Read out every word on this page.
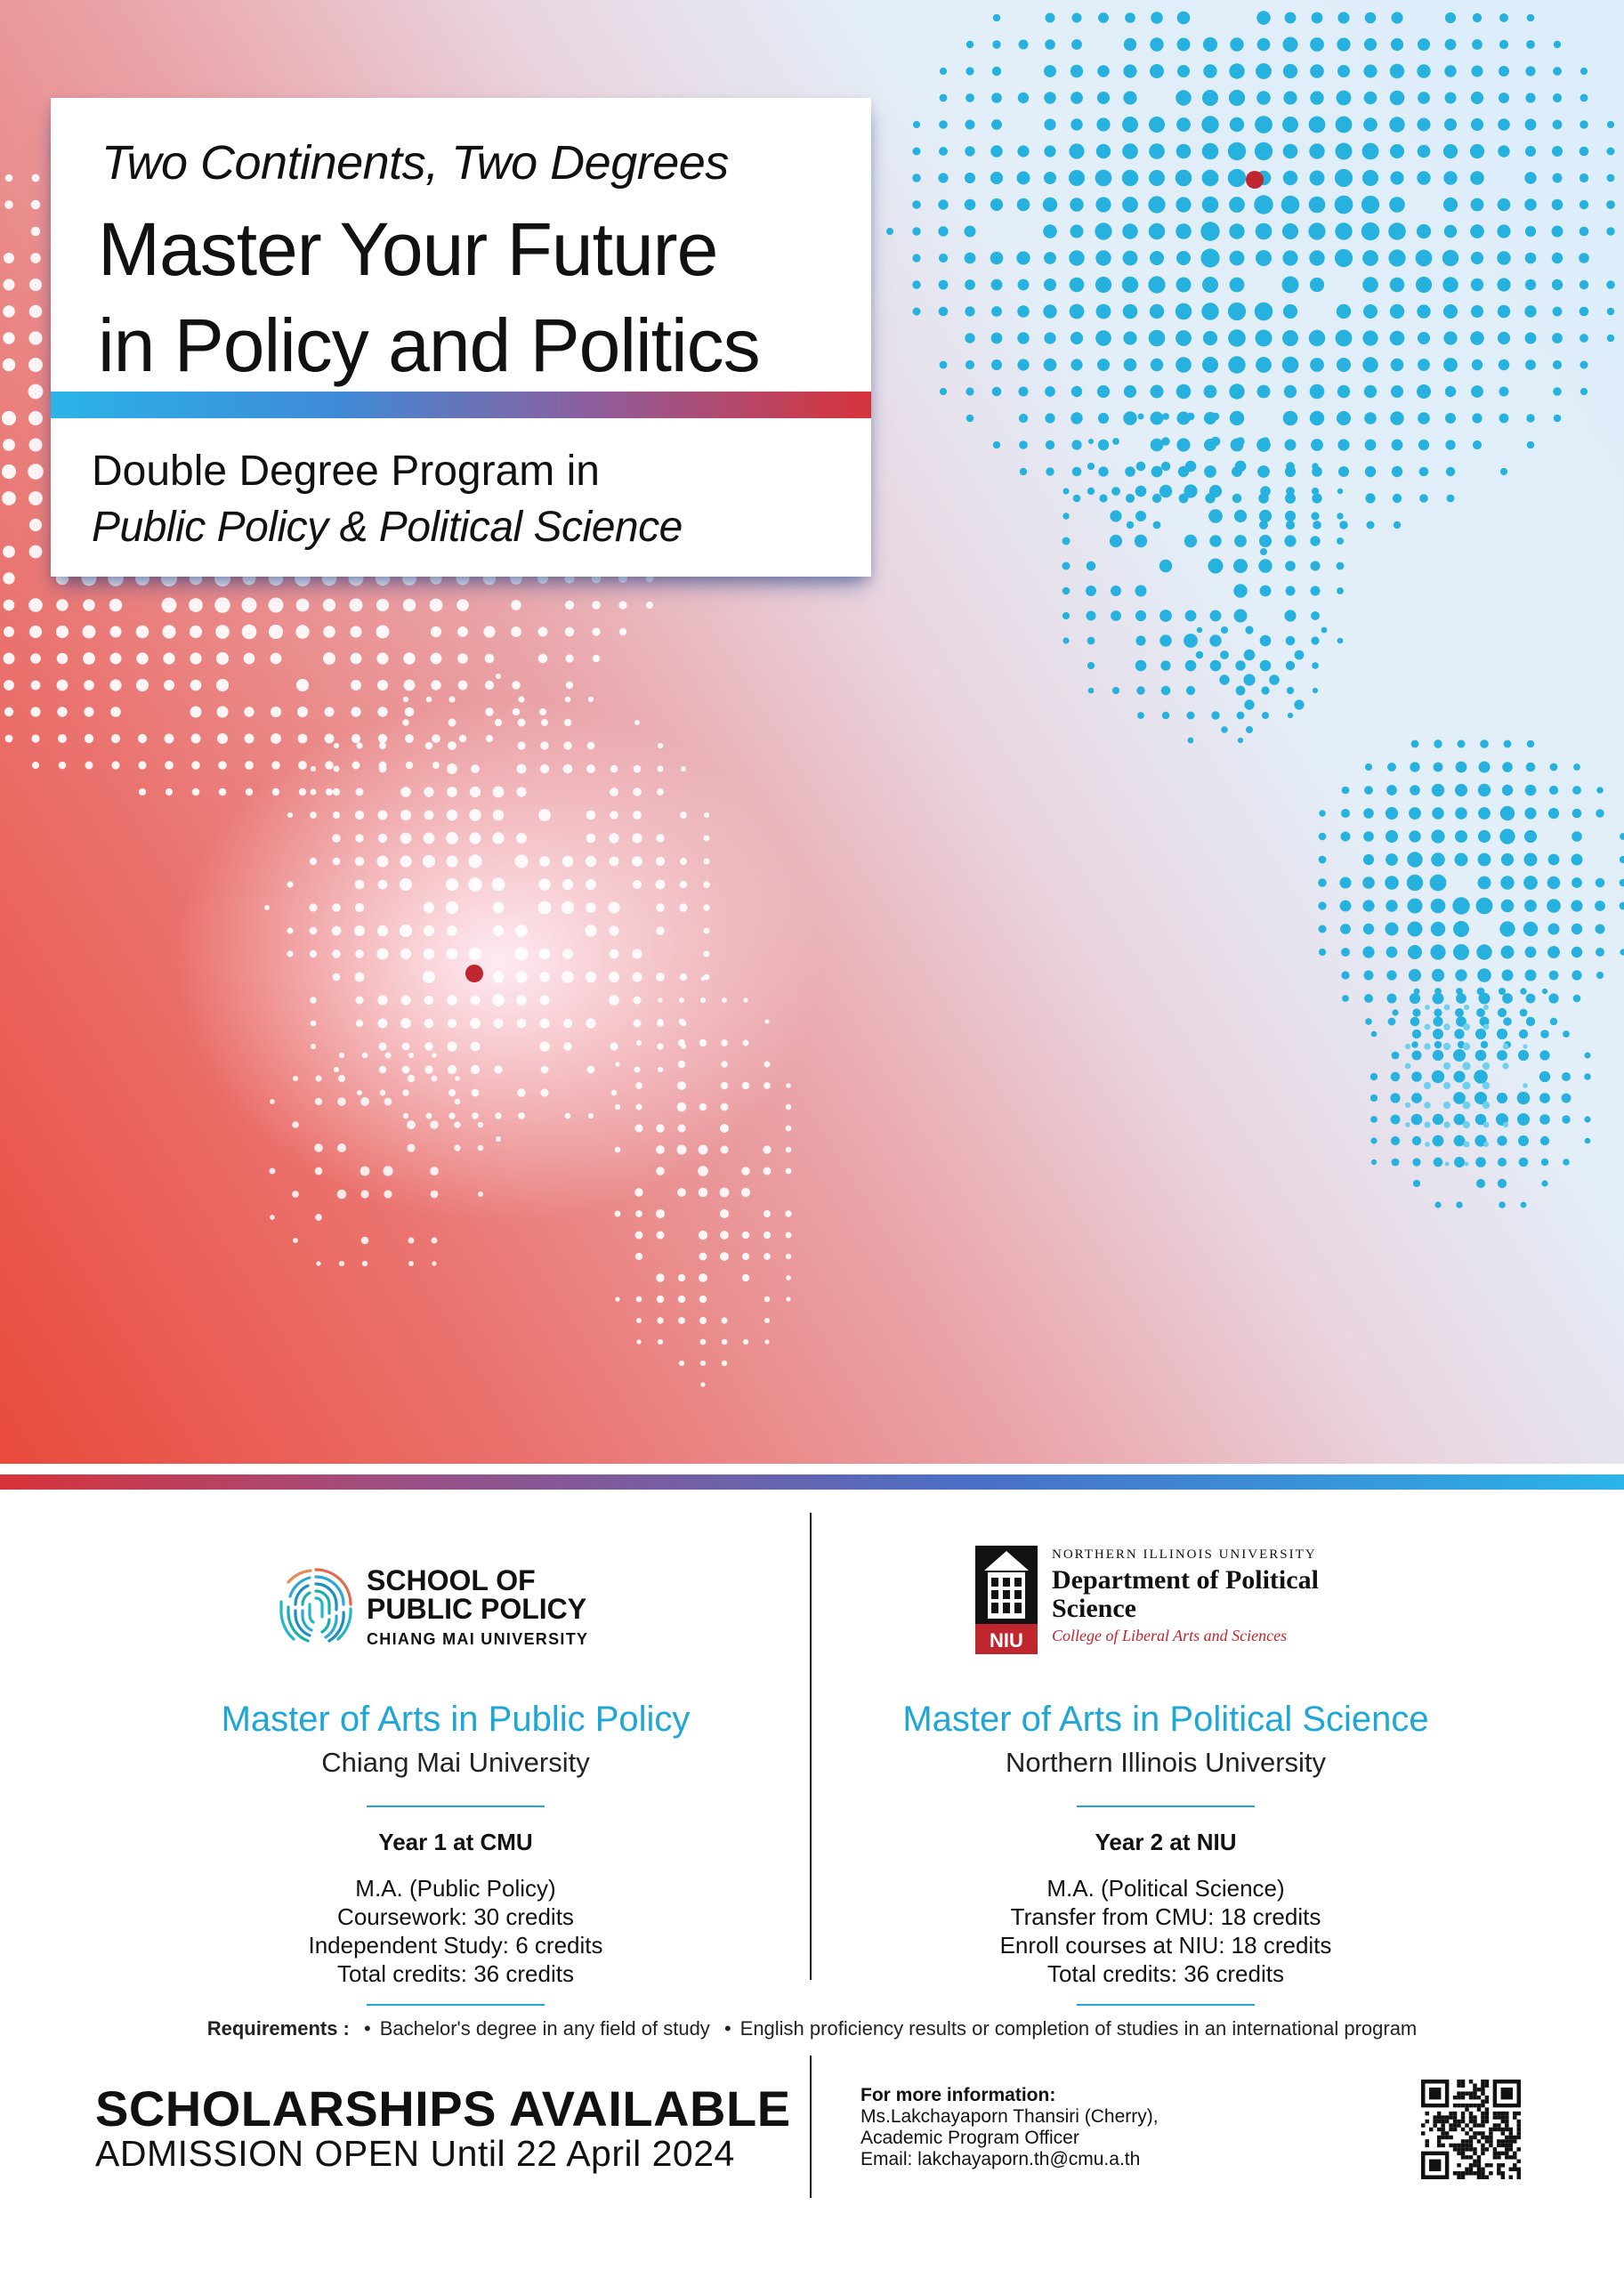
Two Continents, Two Degrees
Master Your Future
in Policy and Politics
Double Degree Program in
Public Policy & Political Science
SCHOOL OF
PUBLIC POLICY
CHIANG MAI UNIVERSITY
Master of Arts in Public Policy
Chiang Mai University
Year 1 at CMU
M.A. (Public Policy)
Coursework: 30 credits
Independent Study: 6 credits
Total credits: 36 credits
NIU
NORTHERN ILLINOIS UNIVERSITY
Department of Political
Science
College of Liberal Arts and Sciences
Master of Arts in Political Science
Northern Illinois University
Year 2 at NIU
M.A. (Political Science)
Transfer from CMU: 18 credits
Enroll courses at NIU: 18 credits
Total credits: 36 credits
Requirements : • Bachelor's degree in any field of study • English proficiency results or completion of studies in an international program
SCHOLARSHIPS AVAILABLE
ADMISSION OPEN Until 22 April 2024
For more information:
Ms.Lakchayaporn Thansiri (Cherry),
Academic Program Officer
Email: lakchayaporn.th@cmu.a.th
